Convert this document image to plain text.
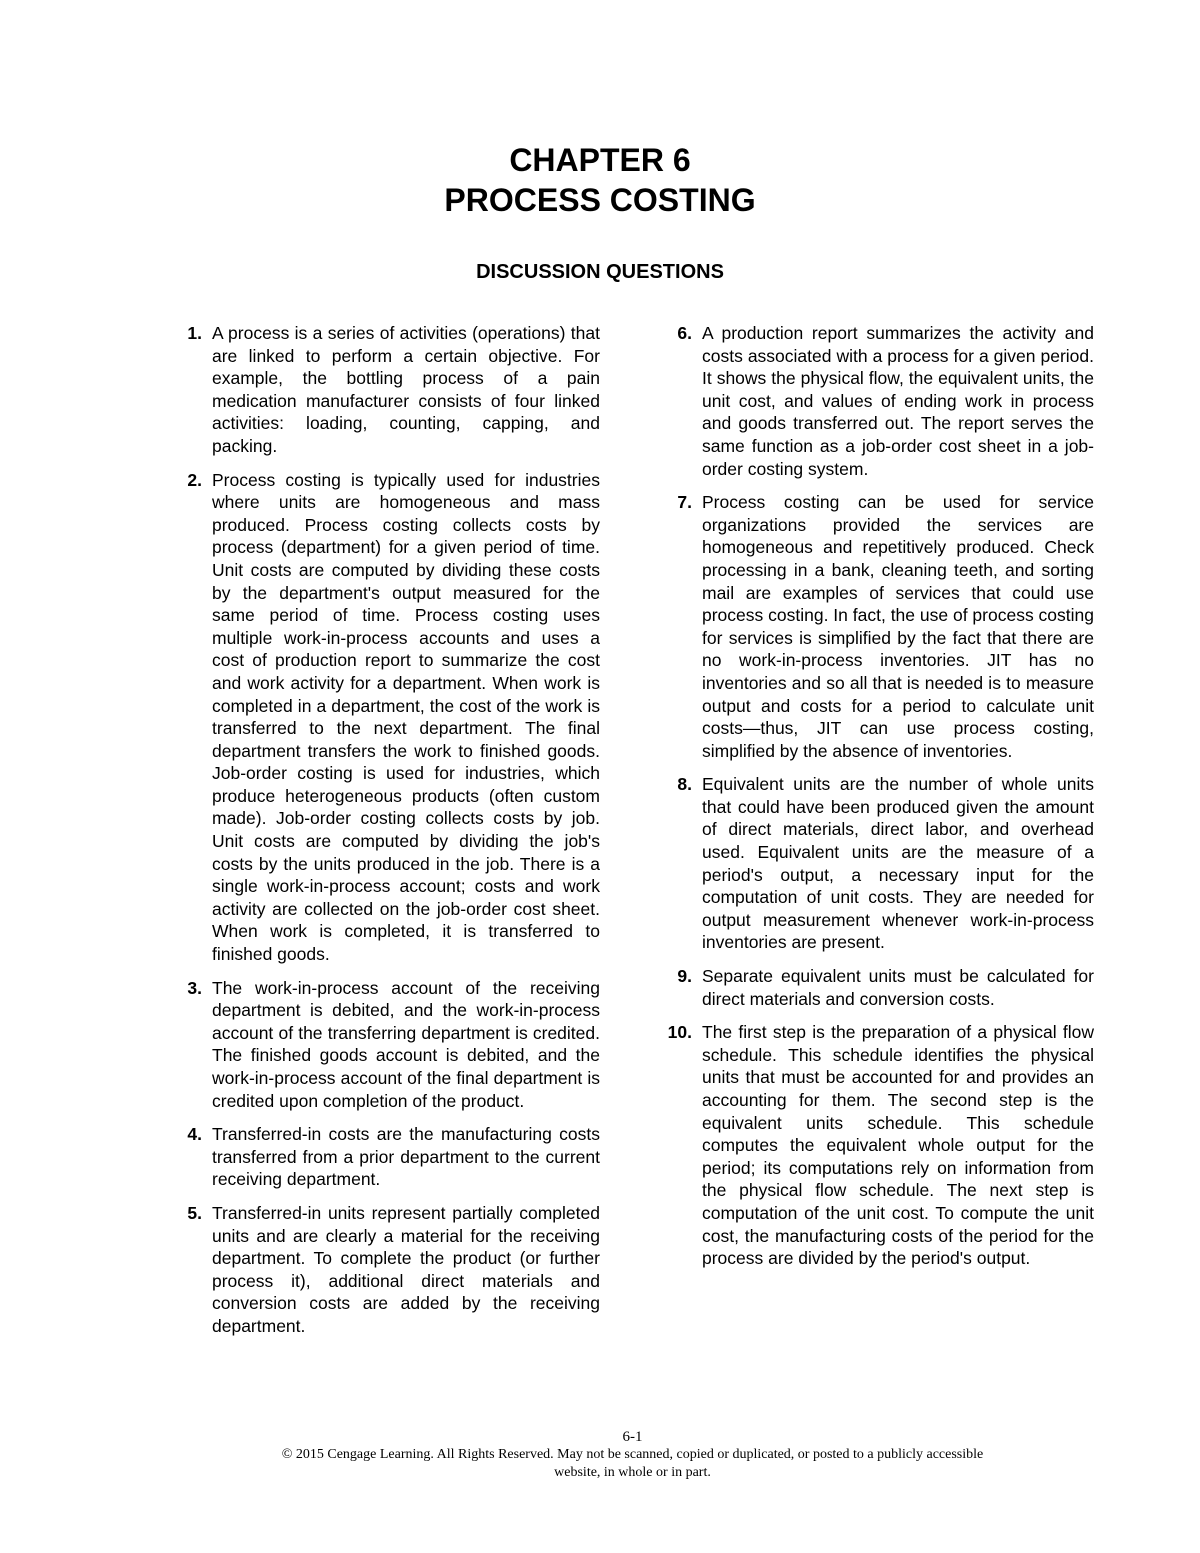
CHAPTER 6
PROCESS COSTING
DISCUSSION QUESTIONS
1. A process is a series of activities (operations) that are linked to perform a certain objective. For example, the bottling process of a pain medication manufacturer consists of four linked activities: loading, counting, capping, and packing.
2. Process costing is typically used for industries where units are homogeneous and mass produced. Process costing collects costs by process (department) for a given period of time. Unit costs are computed by dividing these costs by the department's output measured for the same period of time. Process costing uses multiple work-in-process accounts and uses a cost of production report to summarize the cost and work activity for a department. When work is completed in a department, the cost of the work is transferred to the next department. The final department transfers the work to finished goods. Job-order costing is used for industries, which produce heterogeneous products (often custom made). Job-order costing collects costs by job. Unit costs are computed by dividing the job's costs by the units produced in the job. There is a single work-in-process account; costs and work activity are collected on the job-order cost sheet. When work is completed, it is transferred to finished goods.
3. The work-in-process account of the receiving department is debited, and the work-in-process account of the transferring department is credited. The finished goods account is debited, and the work-in-process account of the final department is credited upon completion of the product.
4. Transferred-in costs are the manufacturing costs transferred from a prior department to the current receiving department.
5. Transferred-in units represent partially completed units and are clearly a material for the receiving department. To complete the product (or further process it), additional direct materials and conversion costs are added by the receiving department.
6. A production report summarizes the activity and costs associated with a process for a given period. It shows the physical flow, the equivalent units, the unit cost, and values of ending work in process and goods transferred out. The report serves the same function as a job-order cost sheet in a job-order costing system.
7. Process costing can be used for service organizations provided the services are homogeneous and repetitively produced. Check processing in a bank, cleaning teeth, and sorting mail are examples of services that could use process costing. In fact, the use of process costing for services is simplified by the fact that there are no work-in-process inventories. JIT has no inventories and so all that is needed is to measure output and costs for a period to calculate unit costs—thus, JIT can use process costing, simplified by the absence of inventories.
8. Equivalent units are the number of whole units that could have been produced given the amount of direct materials, direct labor, and overhead used. Equivalent units are the measure of a period's output, a necessary input for the computation of unit costs. They are needed for output measurement whenever work-in-process inventories are present.
9. Separate equivalent units must be calculated for direct materials and conversion costs.
10. The first step is the preparation of a physical flow schedule. This schedule identifies the physical units that must be accounted for and provides an accounting for them. The second step is the equivalent units schedule. This schedule computes the equivalent whole output for the period; its computations rely on information from the physical flow schedule. The next step is computation of the unit cost. To compute the unit cost, the manufacturing costs of the period for the process are divided by the period's output.
6-1
© 2015 Cengage Learning. All Rights Reserved. May not be scanned, copied or duplicated, or posted to a publicly accessible website, in whole or in part.
